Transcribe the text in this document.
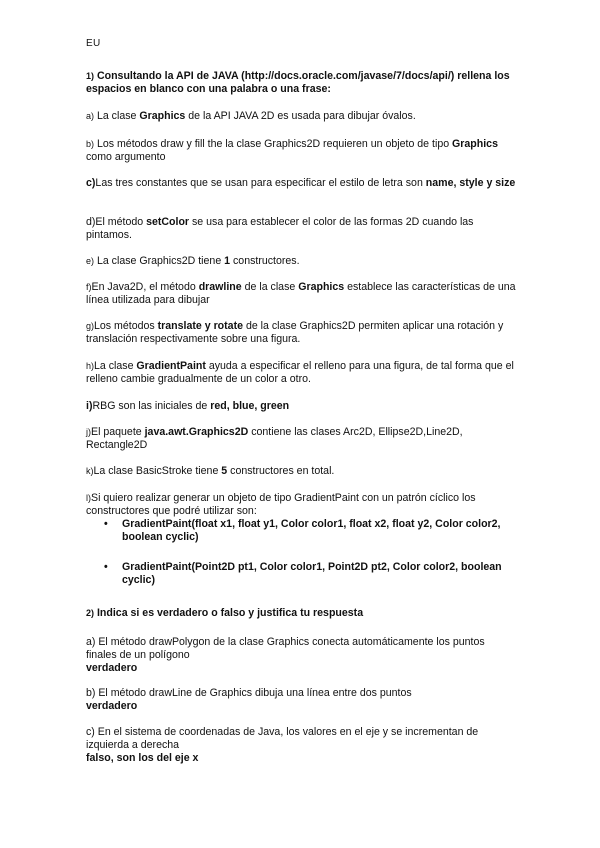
EU
1) Consultando la API de JAVA (http://docs.oracle.com/javase/7/docs/api/) rellena los espacios en blanco con una palabra o una frase:
a) La clase Graphics de la API JAVA 2D es usada para dibujar óvalos.
b) Los métodos draw y fill the la clase Graphics2D requieren un objeto de tipo Graphics como argumento
c)Las tres constantes que se usan para especificar el estilo de letra son name, style y size
d)El método setColor se usa para establecer el color de las formas 2D cuando las pintamos.
e) La clase Graphics2D tiene 1 constructores.
f)En Java2D, el método drawline de la clase Graphics establece las características de una línea utilizada para dibujar
g)Los métodos translate y rotate de la clase Graphics2D permiten aplicar una rotación y translación respectivamente sobre una figura.
h)La clase GradientPaint ayuda a especificar el relleno para una figura, de tal forma que el relleno cambie gradualmente de un color a otro.
i)RBG son las iniciales de red, blue, green
j)El paquete java.awt.Graphics2D contiene las clases Arc2D, Ellipse2D,Line2D, Rectangle2D
k)La clase BasicStroke tiene 5 constructores en total.
l)Si quiero realizar generar un objeto de tipo GradientPaint con un patrón cíclico los constructores que podré utilizar son:
• GradientPaint(float x1, float y1, Color color1, float x2, float y2, Color color2, boolean cyclic)
• GradientPaint(Point2D pt1, Color color1, Point2D pt2, Color color2, boolean cyclic)
2) Indica si es verdadero o falso y justifica tu respuesta
a) El método drawPolygon de la clase Graphics conecta automáticamente los puntos finales de un polígono
verdadero
b) El método drawLine de Graphics dibuja una línea entre dos puntos
verdadero
c) En el sistema de coordenadas de Java, los valores en el eje y se incrementan de izquierda a derecha
falso, son los del eje x
